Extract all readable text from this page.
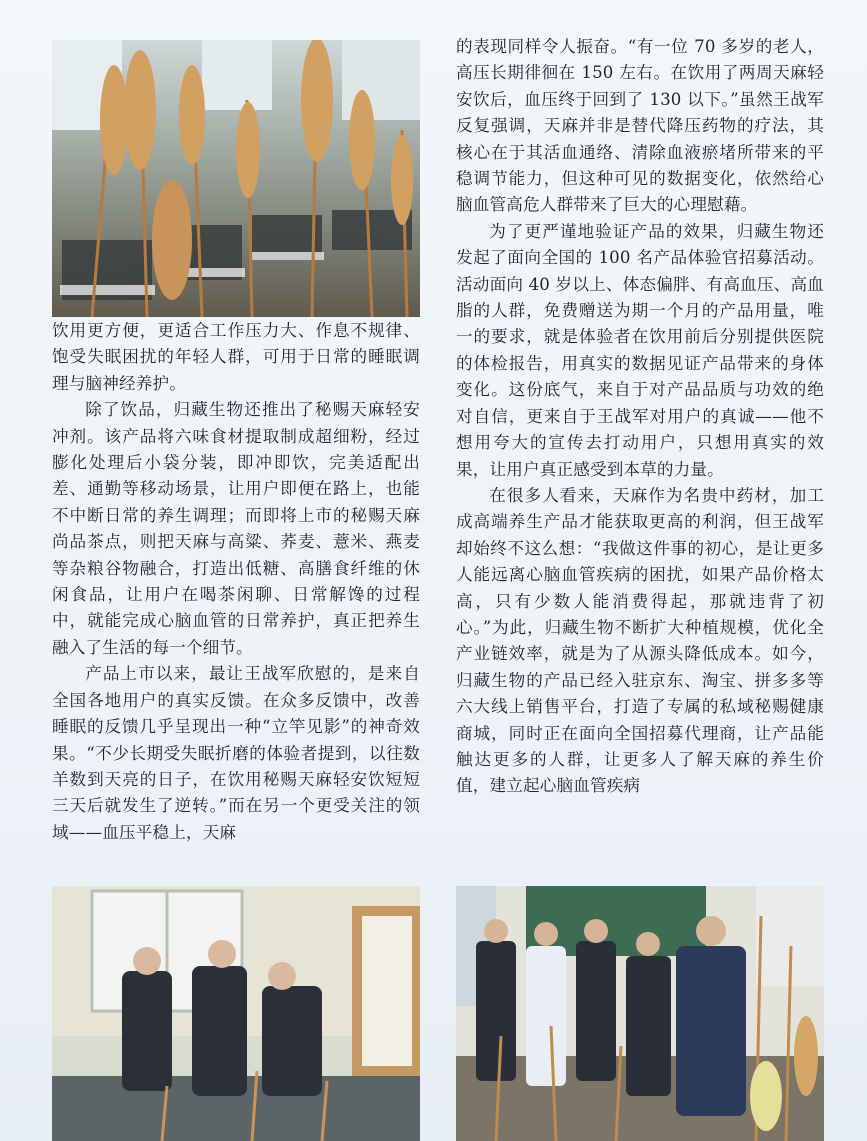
饮用更方便，更适合工作压力大、作息不规律、饱受失眠困扰的年轻人群，可用于日常的睡眠调理与脑神经养护。

除了饮品，归藏生物还推出了秘赐天麻轻安冲剂。该产品将六味食材提取制成超细粉，经过膨化处理后小袋分装，即冲即饮，完美适配出差、通勤等移动场景，让用户即便在路上，也能不中断日常的养生调理；而即将上市的秘赐天麻尚品茶点，则把天麻与高粱、荞麦、薏米、燕麦等杂粮谷物融合，打造出低糖、高膳食纤维的休闲食品，让用户在喝茶闲聊、日常解馋的过程中，就能完成心脑血管的日常养护，真正把养生融入了生活的每一个细节。

产品上市以来，最让王战军欣慰的，是来自全国各地用户的真实反馈。在众多反馈中，改善睡眠的反馈几乎呈现出一种“立竿见影”的神奇效果。“不少长期受失眠折磨的体验者提到，以往数羊数到天亮的日子，在饮用秘赐天麻轻安饮短短三天后就发生了逆转。”而在另一个更受关注的领域——血压平稳上，天麻

的表现同样令人振奋。“有一位 70 多岁的老人，高压长期徘徊在 150 左右。在饮用了两周天麻轻安饮后，血压终于回到了 130 以下。”虽然王战军反复强调，天麻并非是替代降压药物的疗法，其核心在于其活血通络、清除血液瘀堵所带来的平稳调节能力，但这种可见的数据变化，依然给心脑血管高危人群带来了巨大的心理慰藉。

为了更严谨地验证产品的效果，归藏生物还发起了面向全国的 100 名产品体验官招募活动。活动面向 40 岁以上、体态偏胖、有高血压、高血脂的人群，免费赠送为期一个月的产品用量，唯一的要求，就是体验者在饮用前后分别提供医院的体检报告，用真实的数据见证产品带来的身体变化。这份底气，来自于对产品品质与功效的绝对自信，更来自于王战军对用户的真诚——他不想用夸大的宣传去打动用户，只想用真实的效果，让用户真正感受到本草的力量。

在很多人看来，天麻作为名贵中药材，加工成高端养生产品才能获取更高的利润，但王战军却始终不这么想：“我做这件事的初心，是让更多人能远离心脑血管疾病的困扰，如果产品价格太高，只有少数人能消费得起，那就违背了初心。”为此，归藏生物不断扩大种植规模，优化全产业链效率，就是为了从源头降低成本。如今，归藏生物的产品已经入驻京东、淘宝、拼多多等六大线上销售平台，打造了专属的私域秘赐健康商城，同时正在面向全国招募代理商，让产品能触达更多的人群，让更多人了解天麻的养生价值，建立起心脑血管疾病
